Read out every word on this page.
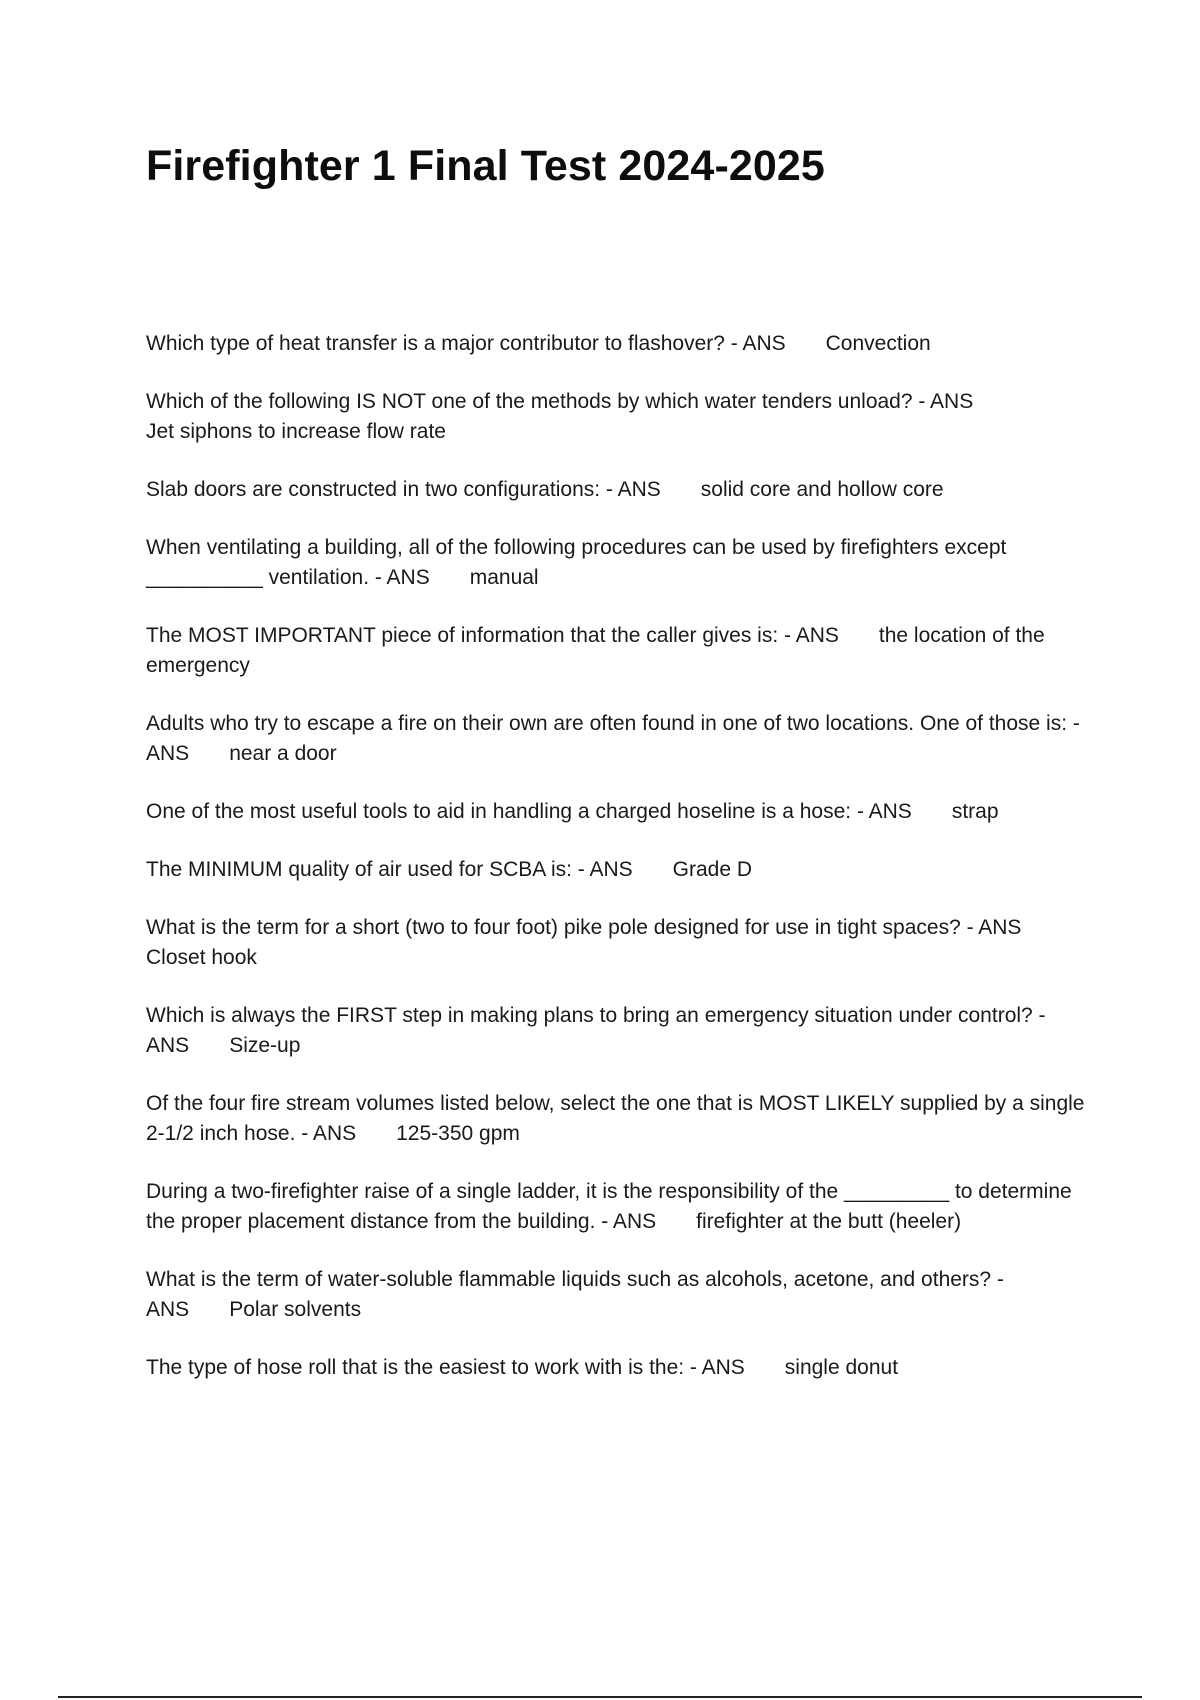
Firefighter 1 Final Test 2024-2025
Which type of heat transfer is a major contributor to flashover? - ANS Convection
Which of the following IS NOT one of the methods by which water tenders unload? - ANS
Jet siphons to increase flow rate
Slab doors are constructed in two configurations: - ANS solid core and hollow core
When ventilating a building, all of the following procedures can be used by firefighters except __________ ventilation. - ANS manual
The MOST IMPORTANT piece of information that the caller gives is: - ANS the location of the emergency
Adults who try to escape a fire on their own are often found in one of two locations. One of those is: - ANS near a door
One of the most useful tools to aid in handling a charged hoseline is a hose: - ANS strap
The MINIMUM quality of air used for SCBA is: - ANS Grade D
What is the term for a short (two to four foot) pike pole designed for use in tight spaces? - ANS
Closet hook
Which is always the FIRST step in making plans to bring an emergency situation under control? - ANS Size-up
Of the four fire stream volumes listed below, select the one that is MOST LIKELY supplied by a single 2-1/2 inch hose. - ANS 125-350 gpm
During a two-firefighter raise of a single ladder, it is the responsibility of the _________ to determine the proper placement distance from the building. - ANS firefighter at the butt (heeler)
What is the term of water-soluble flammable liquids such as alcohols, acetone, and others? - ANS Polar solvents
The type of hose roll that is the easiest to work with is the: - ANS single donut
